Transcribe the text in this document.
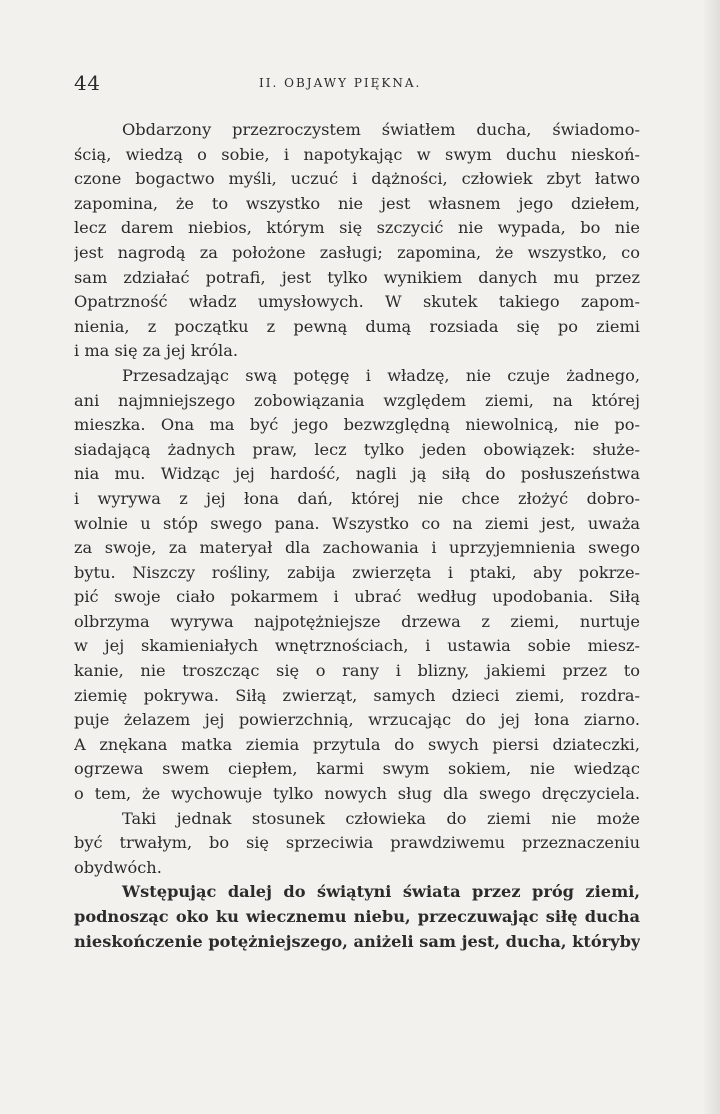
44	II. OBJAWY PIĘKNA.
Obdarzony przezroczystem światłem ducha, świadomo-
ścią, wiedzą o sobie, i napotykając w swym duchu nieskoń-
czone bogactwo myśli, uczuć i dążności, człowiek zbyt łatwo
zapomina, że to wszystko nie jest własnem jego dziełem,
lecz darem niebios, którym się szczycić nie wypada, bo nie
jest nagrodą za położone zasługi; zapomina, że wszystko, co
sam zdziałać potrafi, jest tylko wynikiem danych mu przez
Opatrzność władz umysłowych. W skutek takiego zapom-
nienia, z początku z pewną dumą rozsiada się po ziemi
i ma się za jej króla.
Przesadzając swą potęgę i władzę, nie czuje żadnego,
ani najmniejszego zobowiązania względem ziemi, na której
mieszka. Ona ma być jego bezwzględną niewolnicą, nie po-
siadającą żadnych praw, lecz tylko jeden obowiązek: służe-
nia mu. Widząc jej hardość, nagli ją siłą do posłuszeństwa
i wyrywa z jej łona dań, której nie chce złożyć dobro-
wolnie u stóp swego pana. Wszystko co na ziemi jest, uważa
za swoje, za materyał dla zachowania i uprzyjemnienia swego
bytu. Niszczy rośliny, zabija zwierzęta i ptaki, aby pokrze-
pić swoje ciało pokarmem i ubrać według upodobania. Siłą
olbrzyma wyrywa najpotężniejsze drzewa z ziemi, nurtuje
w jej skamieniałych wnętrznościach, i ustawia sobie miesz-
kanie, nie troszcząc się o rany i blizny, jakiemi przez to
ziemię pokrywa. Siłą zwierząt, samych dzieci ziemi, rozdra-
puje żelazem jej powierzchnią, wrzucając do jej łona ziarno.
A znękana matka ziemia przytula do swych piersi dziateczki,
ogrzewa swem ciepłem, karmi swym sokiem, nie wiedząc
o tem, że wychowuje tylko nowych sług dla swego dręczyciela.
Taki jednak stosunek człowieka do ziemi nie może
być trwałym, bo się sprzeciwia prawdziwemu przeznaczeniu
obydwóch.
Wstępując dalej do świątyni świata przez próg ziemi,
podnosząc oko ku wiecznemu niebu, przeczuwając siłę ducha
nieskończenie potężniejszego, aniżeli sam jest, ducha, któryby
